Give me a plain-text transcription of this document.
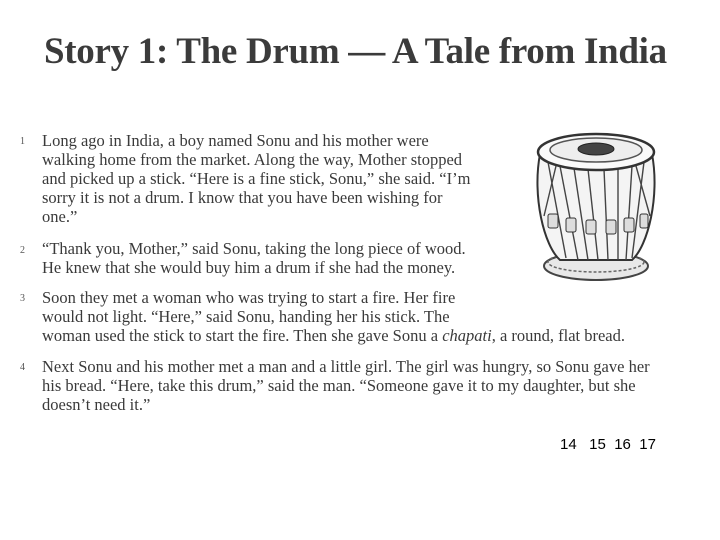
Story 1: The Drum — A Tale from India
1 Long ago in India, a boy named Sonu and his mother were
walking home from the market. Along the way, Mother stopped
and picked up a stick. “Here is a fine stick, Sonu,” she said. “I’m
sorry it is not a drum. I know that you have been wishing for
one.”
2 “Thank you, Mother,” said Sonu, taking the long piece of wood.
He knew that she would buy him a drum if she had the money.
3 Soon they met a woman who was trying to start a fire. Her fire
would not light. “Here,” said Sonu, handing her his stick. The
woman used the stick to start the fire. Then she gave Sonu a chapati, a round, flat bread.
4 Next Sonu and his mother met a man and a little girl. The girl was hungry, so Sonu gave her
his bread. “Here, take this drum,” said the man. “Someone gave it to my daughter, but she
doesn’t need it.”
14   15  16  17
